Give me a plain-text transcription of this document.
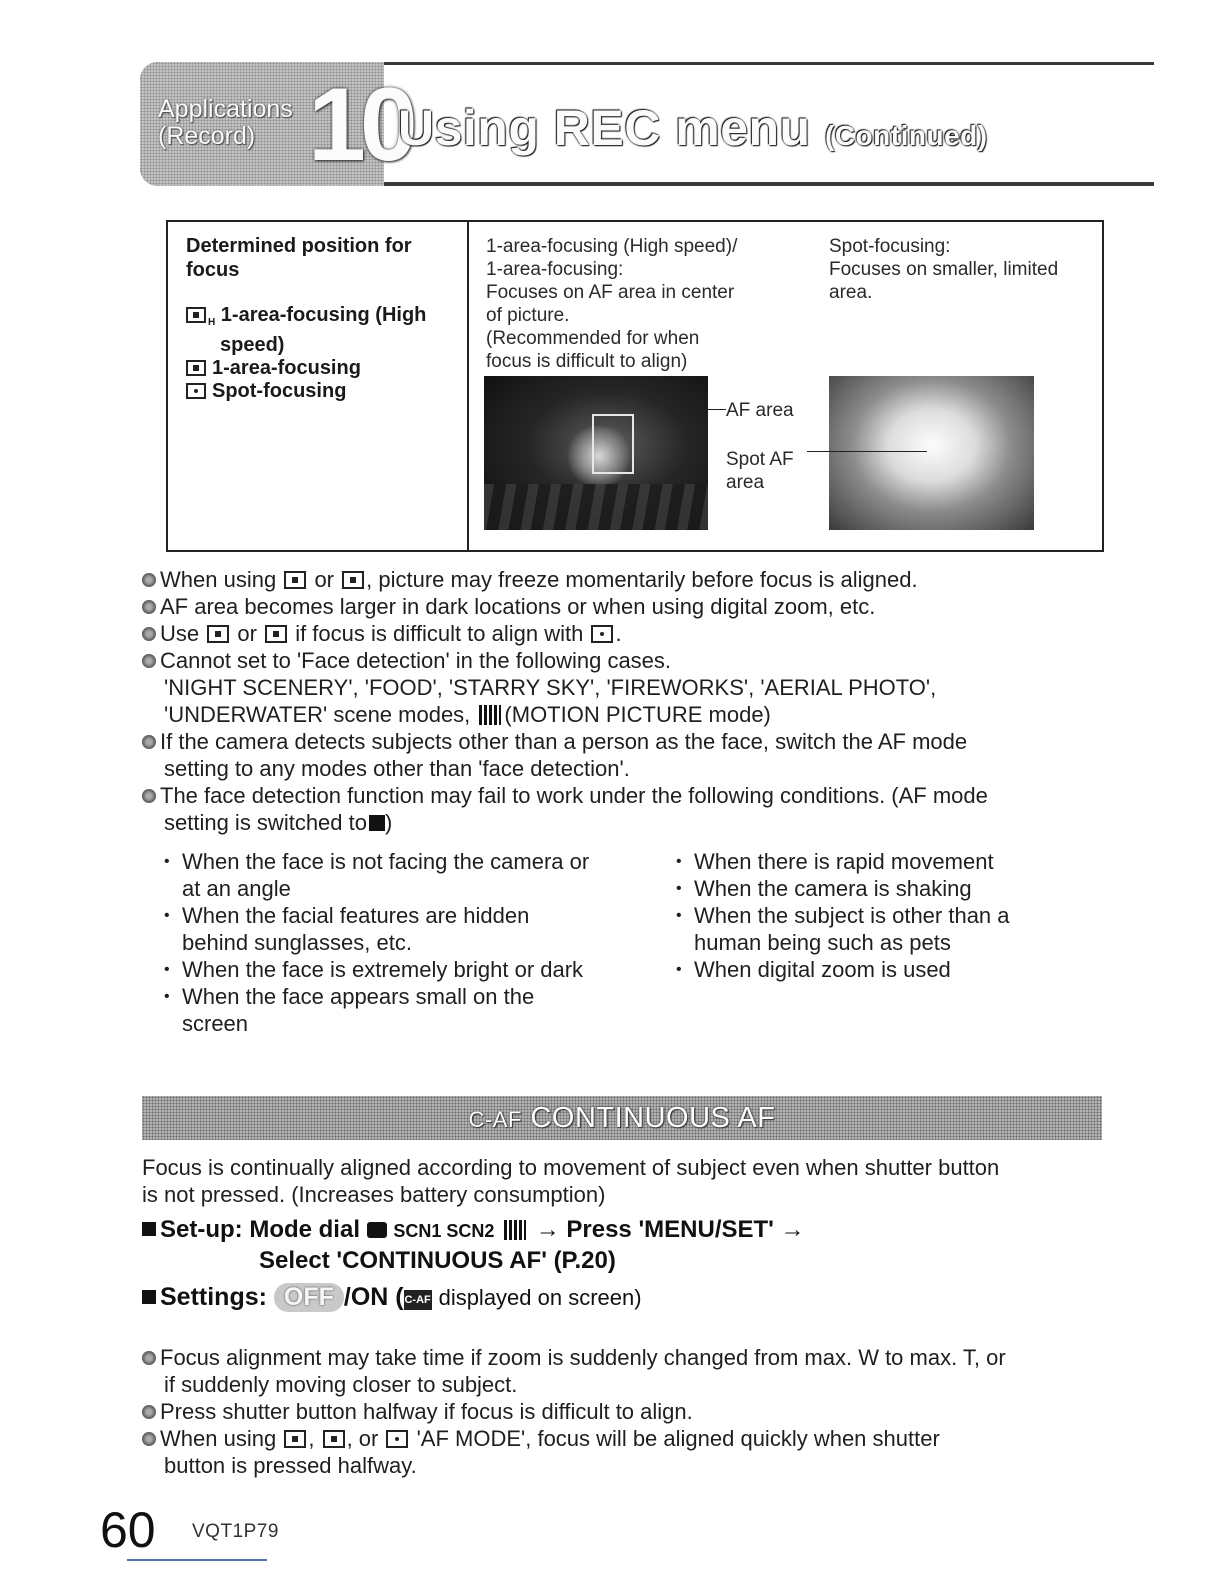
Applications
(Record) 10
Using REC menu (Continued)
Determined position for focus
$_H$ 1-area-focusing (High speed)
1-area-focusing
Spot-focusing
1-area-focusing (High speed)/
1-area-focusing:
Focuses on AF area in center
of picture.
(Recommended for when
focus is difficult to align)
Spot-focusing:
Focuses on smaller, limited
area.
AF area
Spot AF
area
When using or , picture may freeze momentarily before focus is aligned.
AF area becomes larger in dark locations or when using digital zoom, etc.
Use or if focus is difficult to align with .
Cannot set to 'Face detection' in the following cases.
'NIGHT SCENERY', 'FOOD', 'STARRY SKY', 'FIREWORKS', 'AERIAL PHOTO',
'UNDERWATER' scene modes, (MOTION PICTURE mode)
If the camera detects subjects other than a person as the face, switch the AF mode
setting to any modes other than 'face detection'.
The face detection function may fail to work under the following conditions. (AF mode
setting is switched to )
• When the face is not facing the camera or
at an angle
• When the facial features are hidden
behind sunglasses, etc.
• When the face is extremely bright or dark
• When the face appears small on the
screen
• When there is rapid movement
• When the camera is shaking
• When the subject is other than a
human being such as pets
• When digital zoom is used
C-AF CONTINUOUS AF
Focus is continually aligned according to movement of subject even when shutter button
is not pressed. (Increases battery consumption)
Set-up: Mode dial SCN1 SCN2 → Press 'MENU/SET' →
Select 'CONTINUOUS AF' (P.20)
Settings: OFF /ON (C-AF displayed on screen)
Focus alignment may take time if zoom is suddenly changed from max. W to max. T, or
if suddenly moving closer to subject.
Press shutter button halfway if focus is difficult to align.
When using , , or 'AF MODE', focus will be aligned quickly when shutter
button is pressed halfway.
60 VQT1P79
